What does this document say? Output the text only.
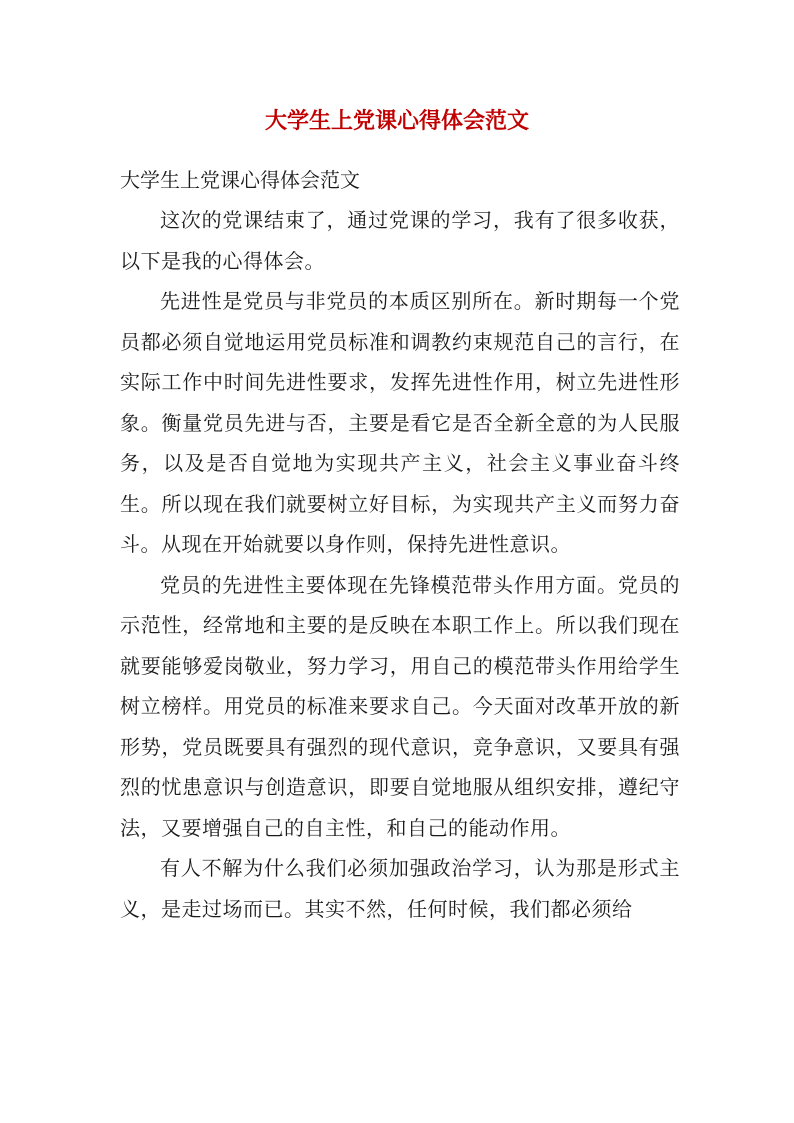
大学生上党课心得体会范文

大学生上党课心得体会范文

这次的党课结束了，通过党课的学习，我有了很多收获，以下是我的心得体会。

先进性是党员与非党员的本质区别所在。新时期每一个党员都必须自觉地运用党员标准和调教约束规范自己的言行，在实际工作中时间先进性要求，发挥先进性作用，树立先进性形象。衡量党员先进与否，主要是看它是否全新全意的为人民服务，以及是否自觉地为实现共产主义，社会主义事业奋斗终生。所以现在我们就要树立好目标，为实现共产主义而努力奋斗。从现在开始就要以身作则，保持先进性意识。

党员的先进性主要体现在先锋模范带头作用方面。党员的示范性，经常地和主要的是反映在本职工作上。所以我们现在就要能够爱岗敬业，努力学习，用自己的模范带头作用给学生树立榜样。用党员的标准来要求自己。今天面对改革开放的新形势，党员既要具有强烈的现代意识，竞争意识，又要具有强烈的忧患意识与创造意识，即要自觉地服从组织安排，遵纪守法，又要增强自己的自主性，和自己的能动作用。

有人不解为什么我们必须加强政治学习，认为那是形式主义，是走过场而已。其实不然，任何时候，我们都必须给
